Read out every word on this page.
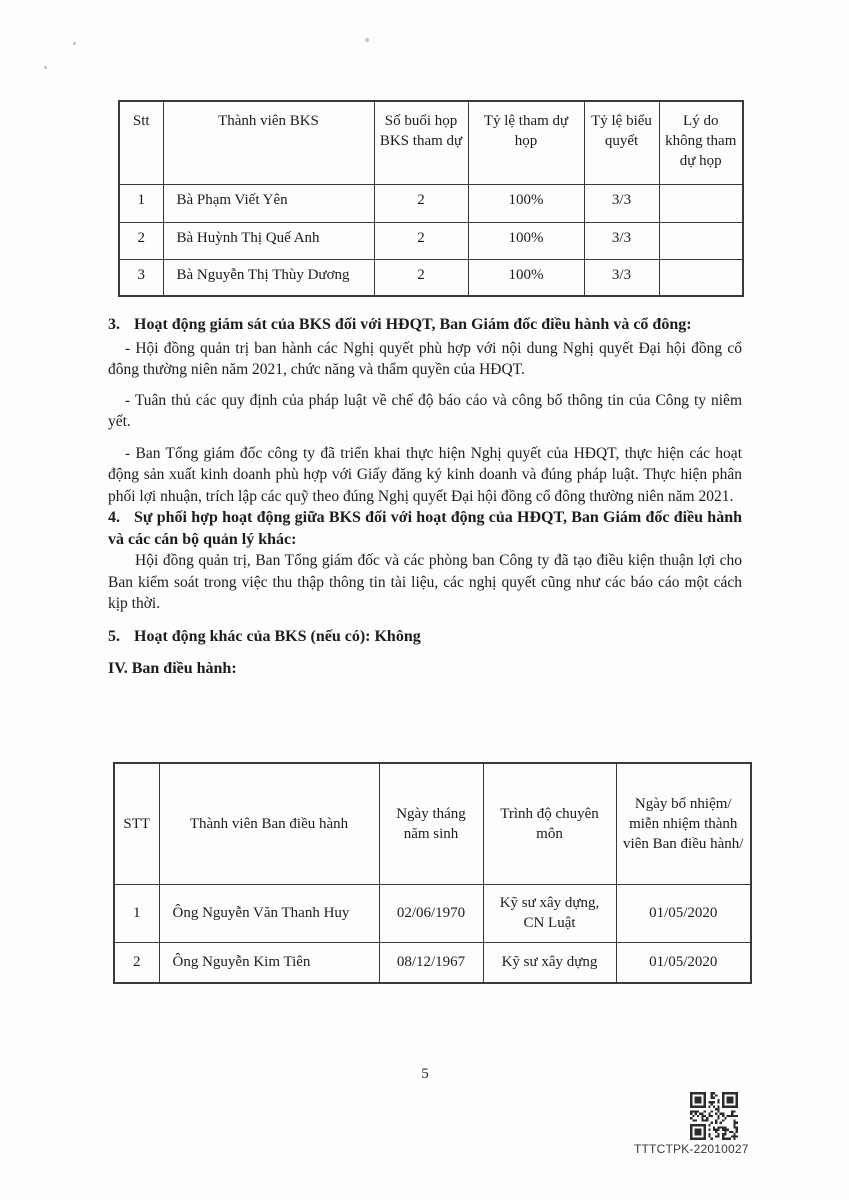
Stt	Thành viên BKS	Số buổi họp BKS tham dự	Tỷ lệ tham dự họp	Tỷ lệ biểu quyết	Lý do không tham dự họp
1	Bà Phạm Viết Yên	2	100%	3/3	
2	Bà Huỳnh Thị Quế Anh	2	100%	3/3	
3	Bà Nguyễn Thị Thùy Dương	2	100%	3/3	

3. Hoạt động giám sát của BKS đối với HĐQT, Ban Giám đốc điều hành và cổ đông:

- Hội đồng quản trị ban hành các Nghị quyết phù hợp với nội dung Nghị quyết Đại hội đồng cổ đông thường niên năm 2021, chức năng và thẩm quyền của HĐQT.

- Tuân thủ các quy định của pháp luật về chế độ báo cáo và công bố thông tin của Công ty niêm yết.

- Ban Tổng giám đốc công ty đã triển khai thực hiện Nghị quyết của HĐQT, thực hiện các hoạt động sản xuất kinh doanh phù hợp với Giấy đăng ký kinh doanh và đúng pháp luật. Thực hiện phân phối lợi nhuận, trích lập các quỹ theo đúng Nghị quyết Đại hội đồng cổ đông thường niên năm 2021.

4. Sự phối hợp hoạt động giữa BKS đối với hoạt động của HĐQT, Ban Giám đốc điều hành và các cán bộ quản lý khác:

Hội đồng quản trị, Ban Tổng giám đốc và các phòng ban Công ty đã tạo điều kiện thuận lợi cho Ban kiểm soát trong việc thu thập thông tin tài liệu, các nghị quyết cũng như các báo cáo một cách kịp thời.

5. Hoạt động khác của BKS (nếu có): Không

IV. Ban điều hành:

STT	Thành viên Ban điều hành	Ngày tháng năm sinh	Trình độ chuyên môn	Ngày bổ nhiệm/ miễn nhiệm thành viên Ban điều hành/
1	Ông Nguyễn Văn Thanh Huy	02/06/1970	Kỹ sư xây dựng, CN Luật	01/05/2020
2	Ông Nguyễn Kim Tiên	08/12/1967	Kỹ sư xây dựng	01/05/2020
5
TTTCTPK-22010027
